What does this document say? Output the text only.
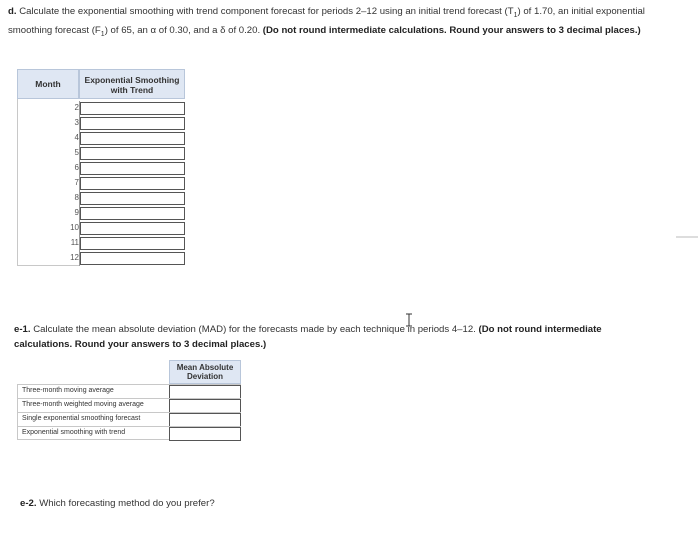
d. Calculate the exponential smoothing with trend component forecast for periods 2–12 using an initial trend forecast $(T_1)$ of 1.70, an initial exponential smoothing forecast $(F_1)$ of 65, an α of 0.30, and a δ of 0.20. (Do not round intermediate calculations. Round your answers to 3 decimal places.)
Month	Exponential Smoothing with Trend
2
3
4
5
6
7
8
9
10
11
12
e-1. Calculate the mean absolute deviation (MAD) for the forecasts made by each technique in periods 4–12. (Do not round intermediate calculations. Round your answers to 3 decimal places.)
Mean Absolute Deviation
Three-month moving average
Three-month weighted moving average
Single exponential smoothing forecast
Exponential smoothing with trend
e-2. Which forecasting method do you prefer?
